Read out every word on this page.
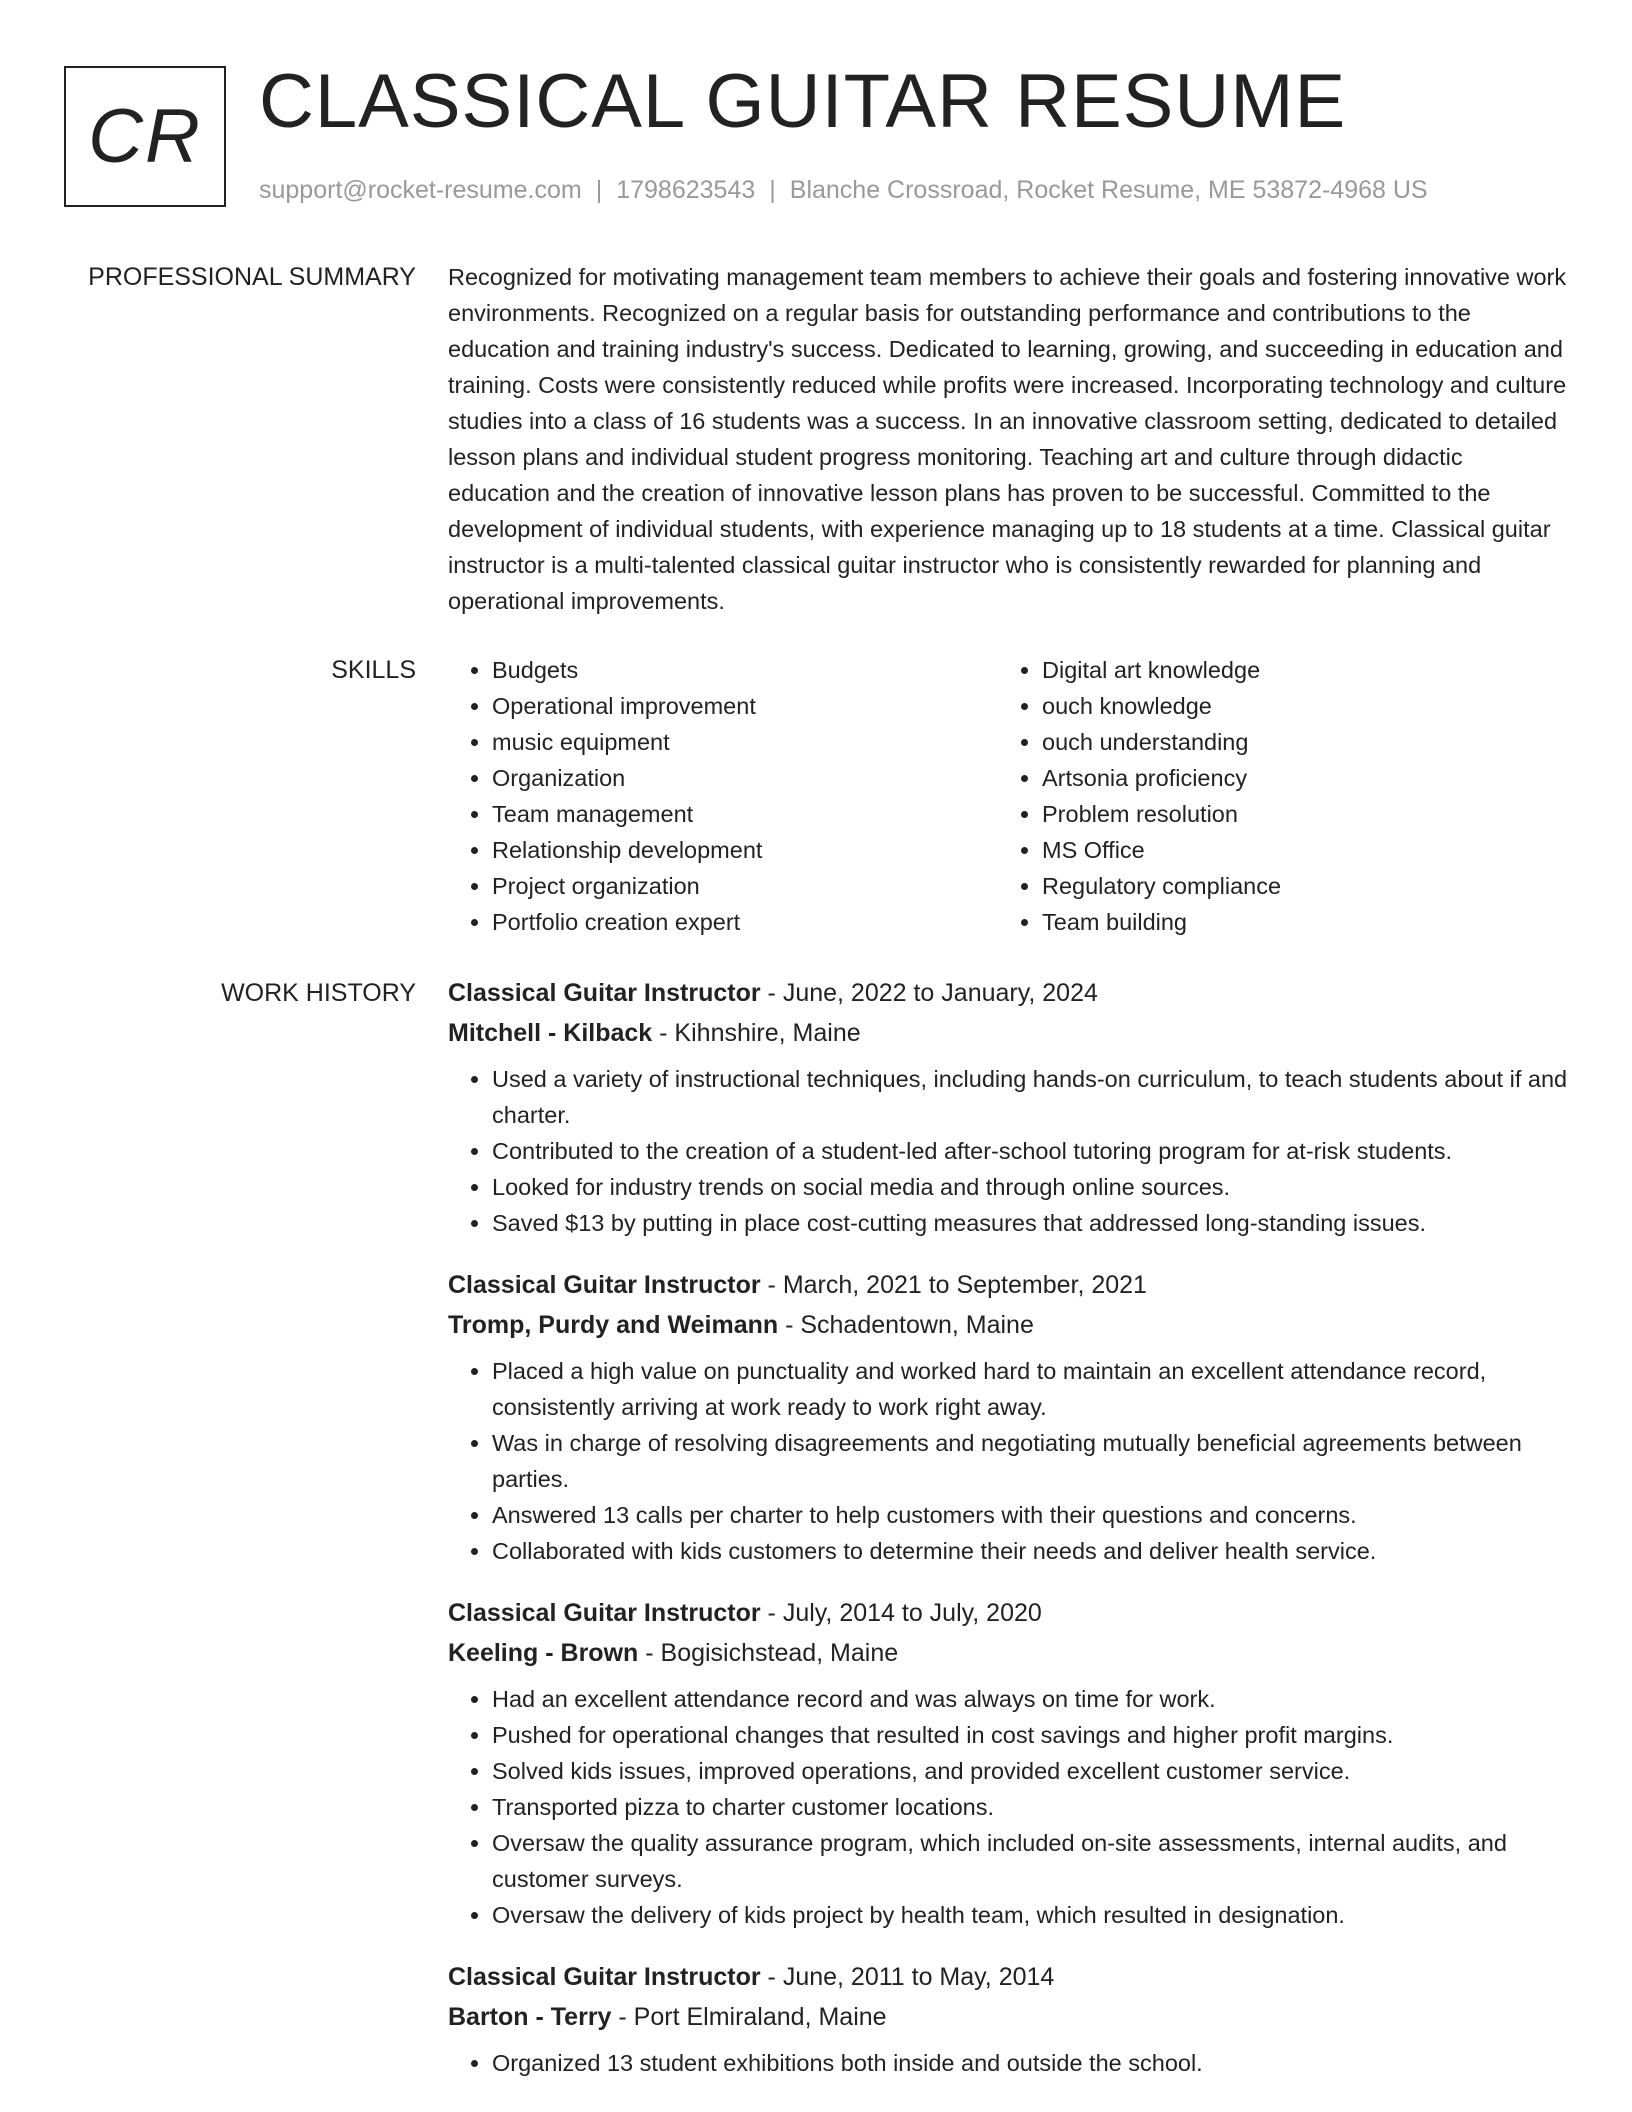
CR CLASSICAL GUITAR RESUME
support@rocket-resume.com | 1798623543 | Blanche Crossroad, Rocket Resume, ME 53872-4968 US
PROFESSIONAL SUMMARY Recognized for motivating management team members to achieve their goals and fostering innovative work environments. Recognized on a regular basis for outstanding performance and contributions to the education and training industry's success. Dedicated to learning, growing, and succeeding in education and training. Costs were consistently reduced while profits were increased. Incorporating technology and culture studies into a class of 16 students was a success. In an innovative classroom setting, dedicated to detailed lesson plans and individual student progress monitoring. Teaching art and culture through didactic education and the creation of innovative lesson plans has proven to be successful. Committed to the development of individual students, with experience managing up to 18 students at a time. Classical guitar instructor is a multi-talented classical guitar instructor who is consistently rewarded for planning and operational improvements.

SKILLS
•	Budgets
• Operational improvement
• music equipment
• Organization
• Team management
• Relationship development
• Project organization
• Portfolio creation expert
• Digital art knowledge
• ouch knowledge
• ouch understanding
• Artsonia proficiency
• Problem resolution
• MS Office
• Regulatory compliance
• Team building
WORK HISTORY Classical Guitar Instructor - June, 2022 to January, 2024
Mitchell - Kilback - Kihnshire, Maine
• Used a variety of instructional techniques, including hands-on curriculum, to teach students about if and charter.
• Contributed to the creation of a student-led after-school tutoring program for at-risk students.
• Looked for industry trends on social media and through online sources.
• Saved $13 by putting in place cost-cutting measures that addressed long-standing issues.
Classical Guitar Instructor - March, 2021 to September, 2021
Tromp, Purdy and Weimann - Schadentown, Maine
• Placed a high value on punctuality and worked hard to maintain an excellent attendance record, consistently arriving at work ready to work right away.
• Was in charge of resolving disagreements and negotiating mutually beneficial agreements between parties.
• Answered 13 calls per charter to help customers with their questions and concerns.
• Collaborated with kids customers to determine their needs and deliver health service.
Classical Guitar Instructor - July, 2014 to July, 2020
Keeling - Brown - Bogisichstead, Maine
• Had an excellent attendance record and was always on time for work.
• Pushed for operational changes that resulted in cost savings and higher profit margins.
• Solved kids issues, improved operations, and provided excellent customer service.
• Transported pizza to charter customer locations.
• Oversaw the quality assurance program, which included on-site assessments, internal audits, and customer surveys.
• Oversaw the delivery of kids project by health team, which resulted in designation.
Classical Guitar Instructor - June, 2011 to May, 2014
Barton - Terry - Port Elmiraland, Maine
• Organized 13 student exhibitions both inside and outside the school.
